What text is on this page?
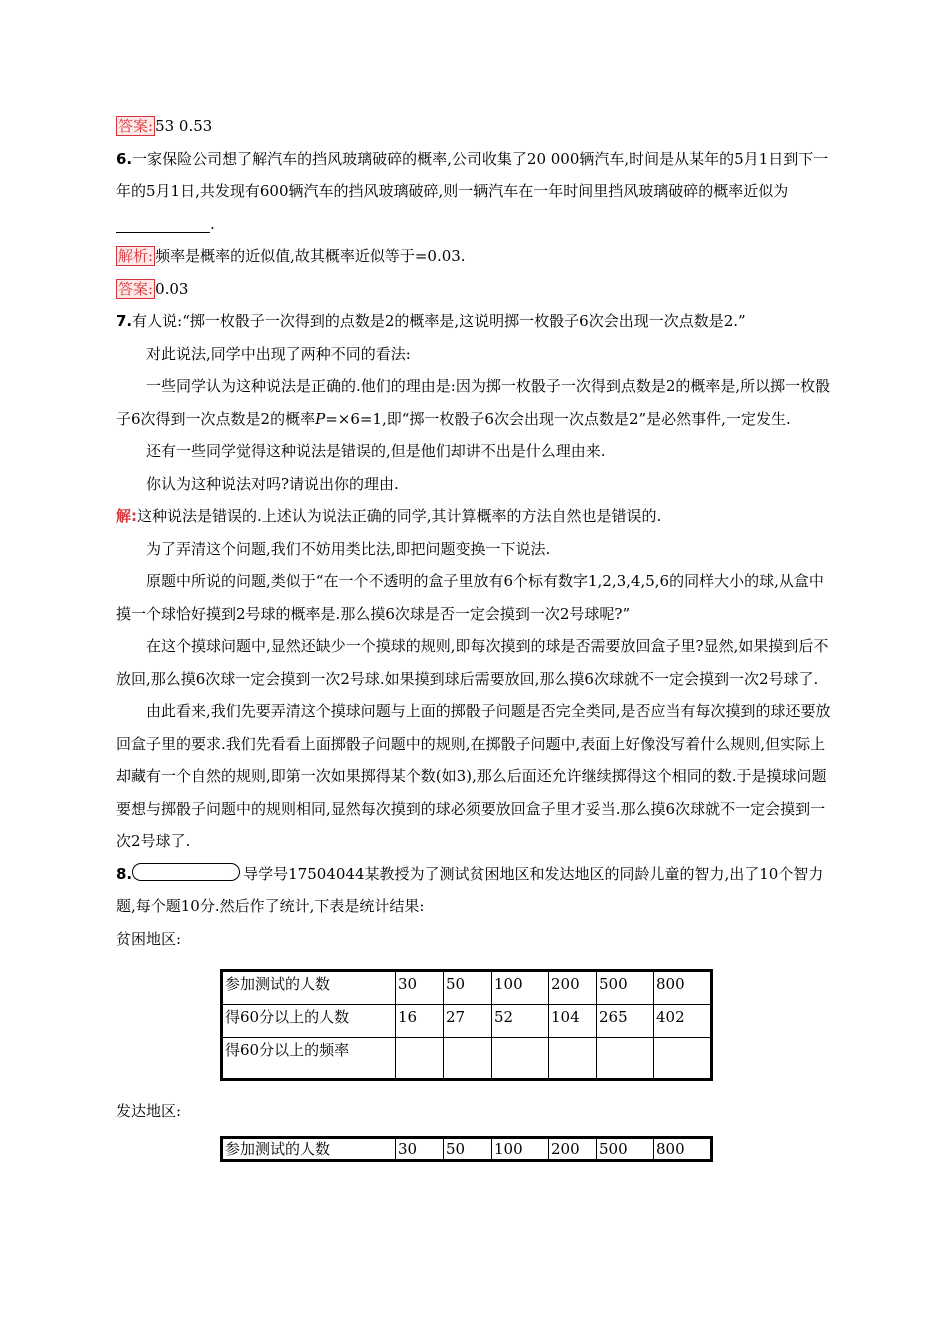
答案: 53 0.53

6.一家保险公司想了解汽车的挡风玻璃破碎的概率,公司收集了20 000辆汽车,时间是从某年的5月1日到下一年的5月1日,共发现有600辆汽车的挡风玻璃破碎,则一辆汽车在一年时间里挡风玻璃破碎的概率近似为.

解析: 频率是概率的近似值,故其概率近似等于=0.03.

答案: 0.03

7.有人说:“掷一枚骰子一次得到的点数是2的概率是,这说明掷一枚骰子6次会出现一次点数是2.”

对此说法,同学中出现了两种不同的看法:

一些同学认为这种说法是正确的.他们的理由是:因为掷一枚骰子一次得到点数是2的概率是,所以掷一枚骰子6次得到一次点数是2的概率P=×6=1,即“掷一枚骰子6次会出现一次点数是2”是必然事件,一定发生.

还有一些同学觉得这种说法是错误的,但是他们却讲不出是什么理由来.

你认为这种说法对吗?请说出你的理由.

解:这种说法是错误的.上述认为说法正确的同学,其计算概率的方法自然也是错误的.

为了弄清这个问题,我们不妨用类比法,即把问题变换一下说法.

原题中所说的问题,类似于“在一个不透明的盒子里放有6个标有数字1,2,3,4,5,6的同样大小的球,从盒中摸一个球恰好摸到2号球的概率是.那么摸6次球是否一定会摸到一次2号球呢?”

在这个摸球问题中,显然还缺少一个摸球的规则,即每次摸到的球是否需要放回盒子里?显然,如果摸到后不放回,那么摸6次球一定会摸到一次2号球.如果摸到球后需要放回,那么摸6次球就不一定会摸到一次2号球了.

由此看来,我们先要弄清这个摸球问题与上面的掷骰子问题是否完全类同,是否应当有每次摸到的球还要放回盒子里的要求.我们先看看上面掷骰子问题中的规则,在掷骰子问题中,表面上好像没写着什么规则,但实际上却藏有一个自然的规则,即第一次如果掷得某个数(如3),那么后面还允许继续掷得这个相同的数.于是摸球问题要想与掷骰子问题中的规则相同,显然每次摸到的球必须要放回盒子里才妥当.那么摸6次球就不一定会摸到一次2号球了.

8.	导学号17504044某教授为了测试贫困地区和发达地区的同龄儿童的智力,出了10个智力题,每个题10分.然后作了统计,下表是统计结果:

贫困地区:

参加测试的人数	30	50	100	200	500	800
得60分以上的人数	16	27	52	104	265	402
得60分以上的频率						

发达地区:

参加测试的人数	30	50	100	200	500	800
